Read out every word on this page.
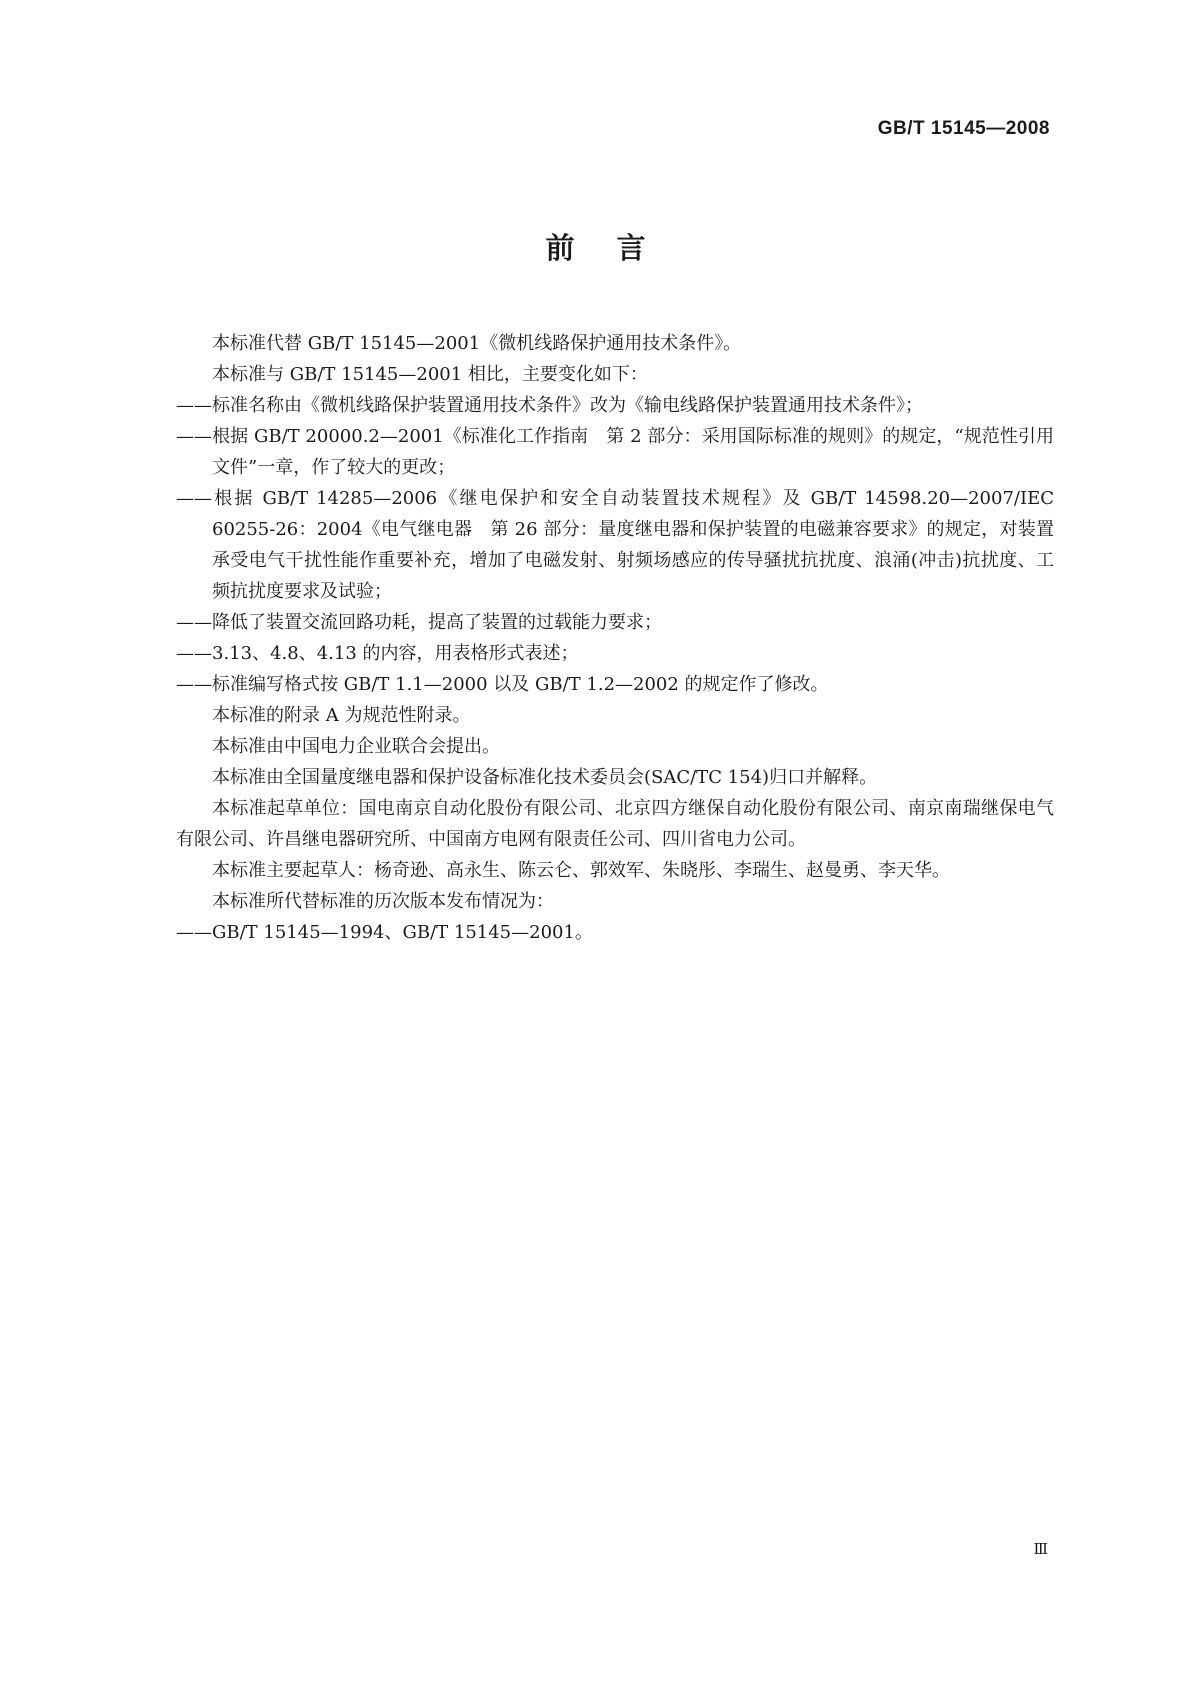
GB/T 15145—2008
前言

本标准代替 GB/T 15145—2001《微机线路保护通用技术条件》。

本标准与 GB/T 15145—2001 相比，主要变化如下：

——标准名称由《微机线路保护装置通用技术条件》改为《输电线路保护装置通用技术条件》；

——根据 GB/T 20000.2—2001《标准化工作指南　第 2 部分：采用国际标准的规则》的规定，“规范性引用文件”一章，作了较大的更改；

——根据 GB/T 14285—2006《继电保护和安全自动装置技术规程》及 GB/T 14598.20—2007/IEC 60255-26：2004《电气继电器　第 26 部分：量度继电器和保护装置的电磁兼容要求》的规定，对装置承受电气干扰性能作重要补充，增加了电磁发射、射频场感应的传导骚扰抗扰度、浪涌(冲击)抗扰度、工频抗扰度要求及试验；

——降低了装置交流回路功耗，提高了装置的过载能力要求；

——3.13、4.8、4.13 的内容，用表格形式表述；

——标准编写格式按 GB/T 1.1—2000 以及 GB/T 1.2—2002 的规定作了修改。

本标准的附录 A 为规范性附录。

本标准由中国电力企业联合会提出。

本标准由全国量度继电器和保护设备标准化技术委员会(SAC/TC 154)归口并解释。

本标准起草单位：国电南京自动化股份有限公司、北京四方继保自动化股份有限公司、南京南瑞继保电气有限公司、许昌继电器研究所、中国南方电网有限责任公司、四川省电力公司。

本标准主要起草人：杨奇逊、高永生、陈云仑、郭效军、朱晓彤、李瑞生、赵曼勇、李天华。

本标准所代替标准的历次版本发布情况为：

——GB/T 15145—1994、GB/T 15145—2001。

Ⅲ
